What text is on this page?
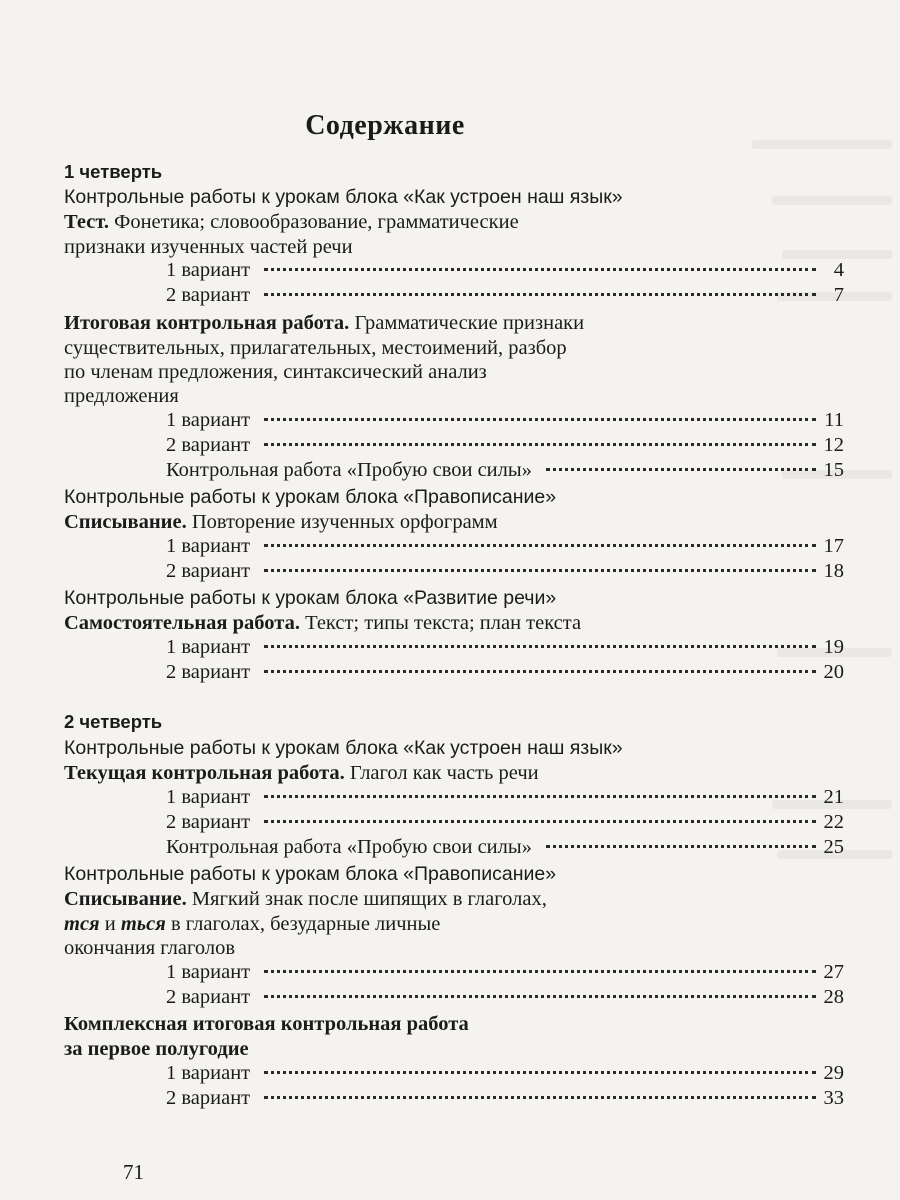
Содержание
1 четверть
Контрольные работы к урокам блока «Как устроен наш язык»
Тест. Фонетика; словообразование, грамматические
признаки изученных частей речи
1 вариант	4
2 вариант	7
Итоговая контрольная работа. Грамматические признаки
существительных, прилагательных, местоимений, разбор
по членам предложения, синтаксический анализ
предложения
1 вариант	11
2 вариант	12
Контрольная работа «Пробую свои силы»	15
Контрольные работы к урокам блока «Правописание»
Списывание. Повторение изученных орфограмм
1 вариант	17
2 вариант	18
Контрольные работы к урокам блока «Развитие речи»
Самостоятельная работа. Текст; типы текста; план текста
1 вариант	19
2 вариант	20
2 четверть
Контрольные работы к урокам блока «Как устроен наш язык»
Текущая контрольная работа. Глагол как часть речи
1 вариант	21
2 вариант	22
Контрольная работа «Пробую свои силы»	25
Контрольные работы к урокам блока «Правописание»
Списывание. Мягкий знак после шипящих в глаголах,
тся и ться в глаголах, безударные личные
окончания глаголов
1 вариант	27
2 вариант	28
Комплексная итоговая контрольная работа
за первое полугодие
1 вариант	29
2 вариант	33
71
